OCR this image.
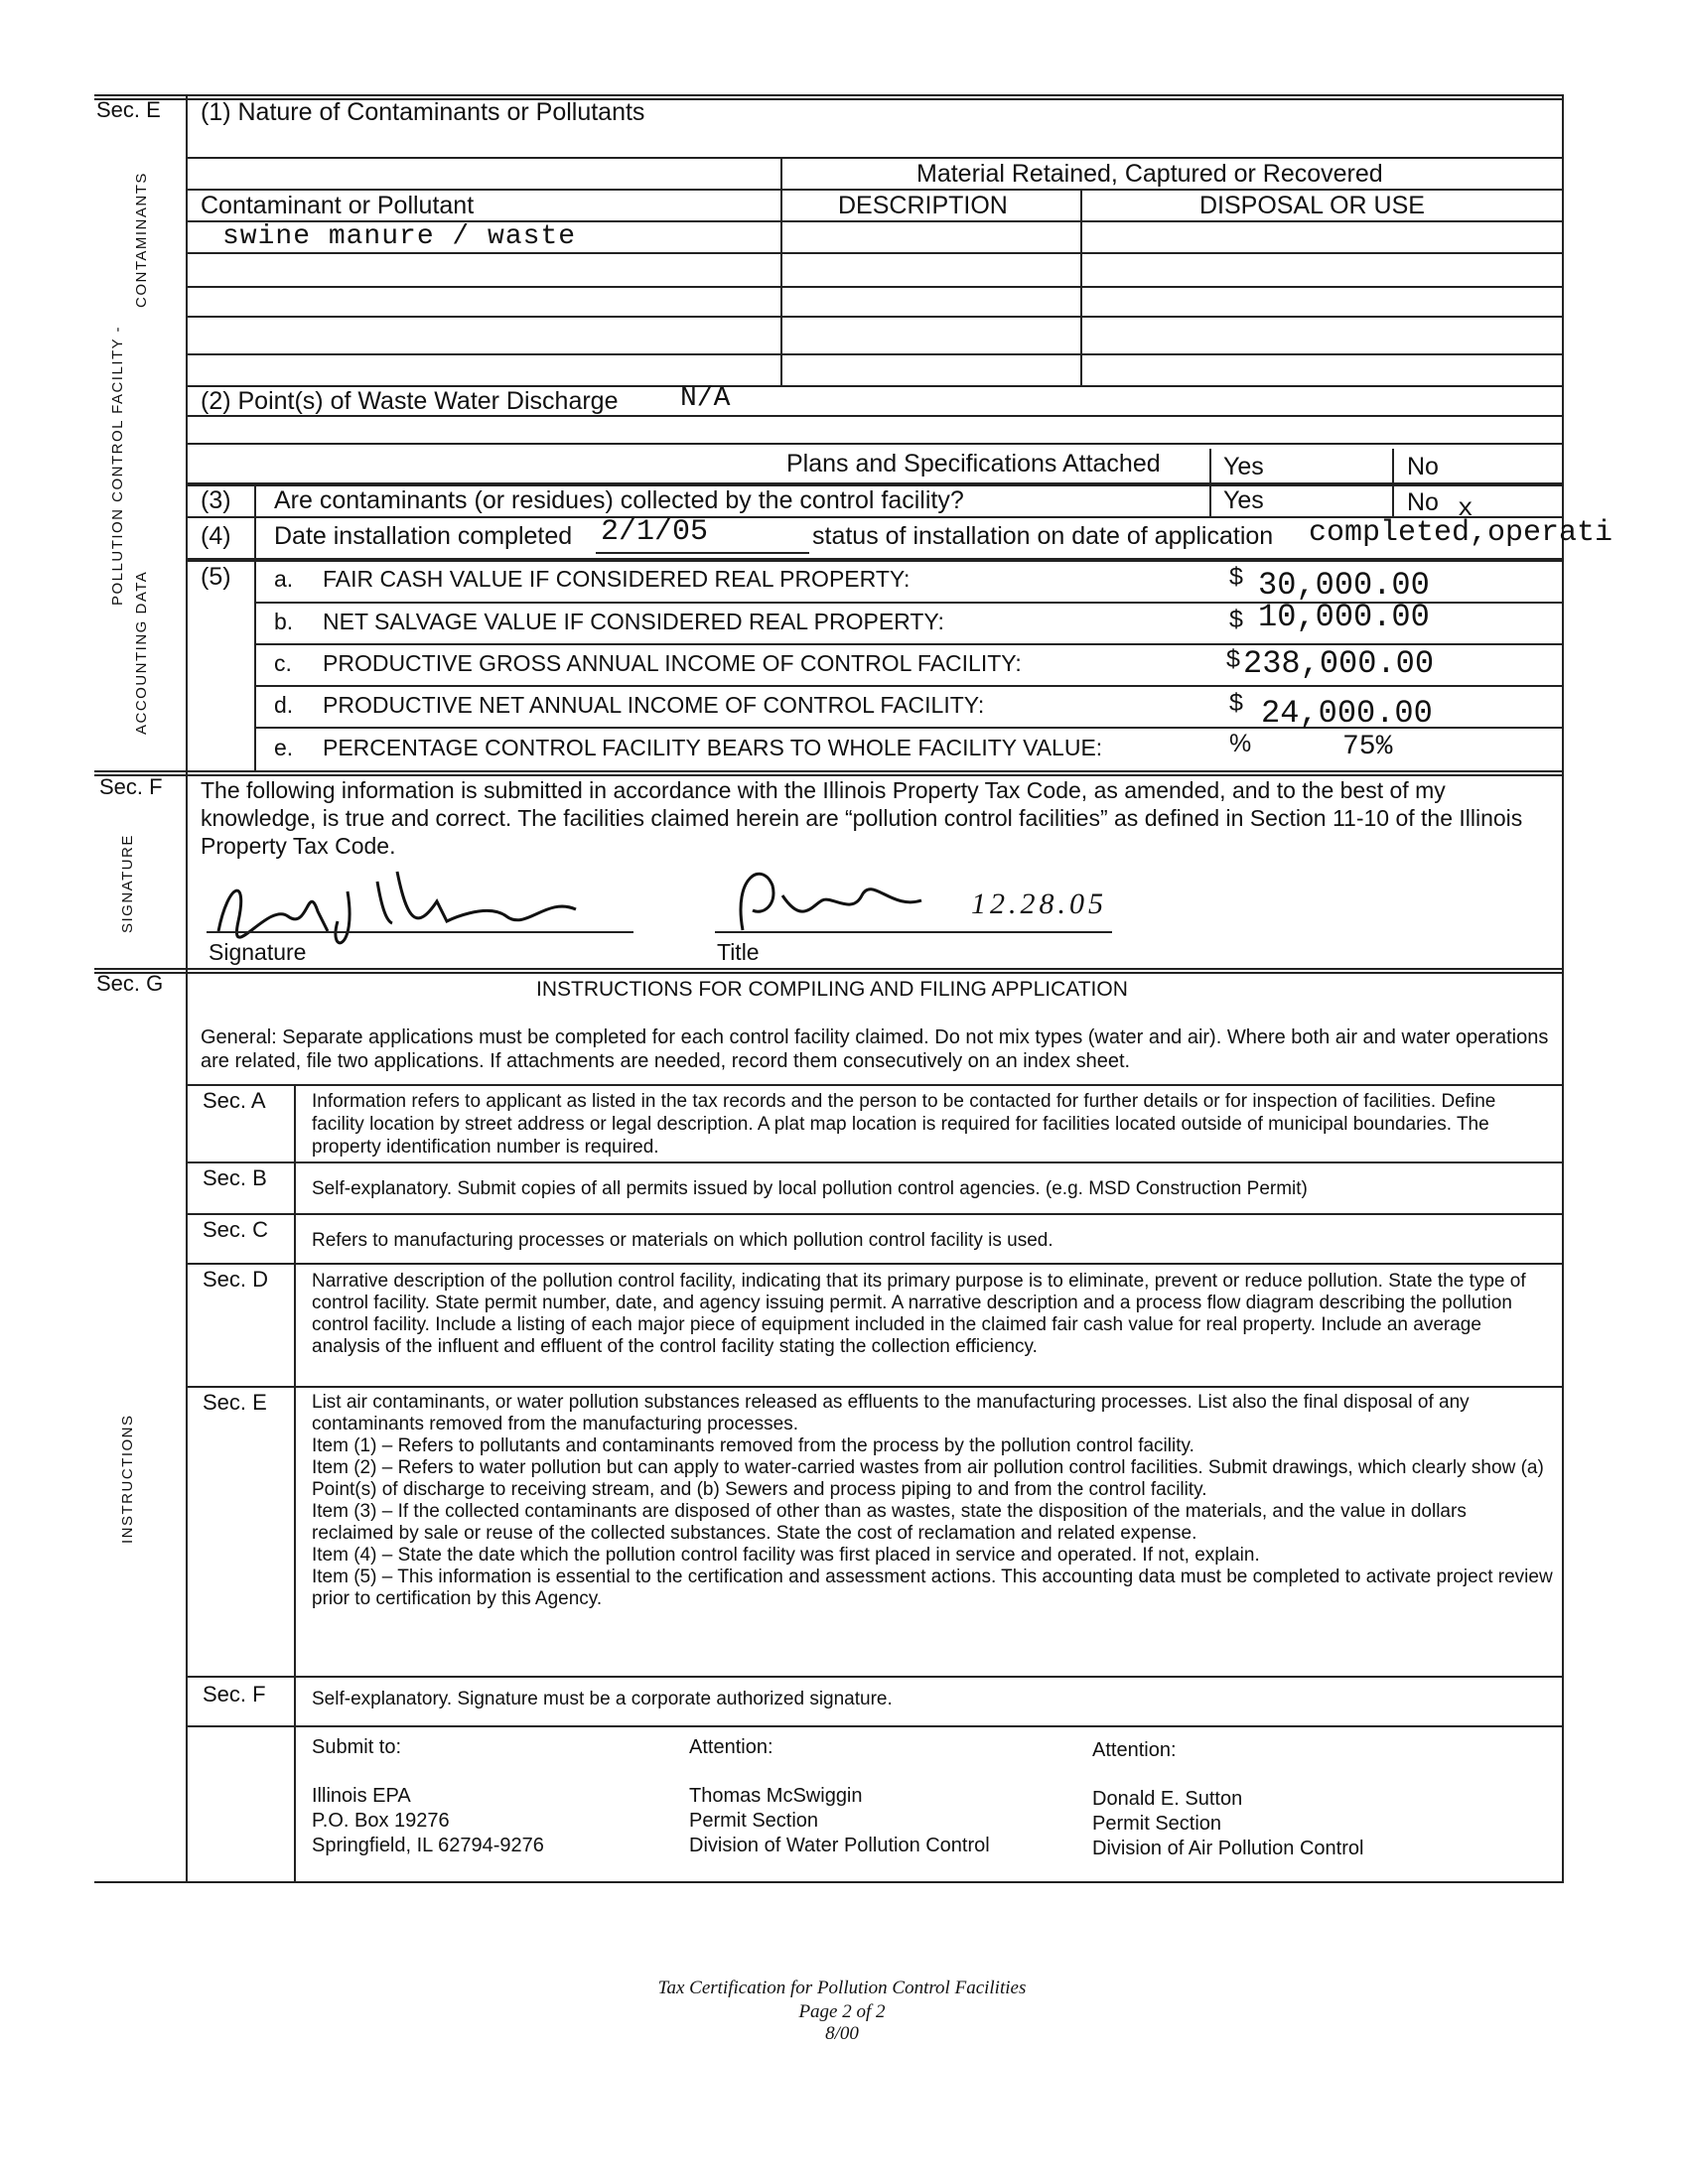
Sec. E
POLLUTION CONTROL FACILITY -
CONTAMINANTS
ACCOUNTING DATA
Sec. F
SIGNATURE
Sec. G
INSTRUCTIONS
(1) Nature of Contaminants or Pollutants
Material Retained, Captured or Recovered
Contaminant or Pollutant	DESCRIPTION	DISPOSAL OR USE
swine manure / waste
(2) Point(s) of Waste Water Discharge N/A
Plans and Specifications Attached	Yes	No
(3) Are contaminants (or residues) collected by the control facility?	Yes	No x
(4) Date installation completed 2/1/05	status of installation on date of application completed,operati
(5) a. FAIR CASH VALUE IF CONSIDERED REAL PROPERTY:	$ 30,000.00
b. NET SALVAGE VALUE IF CONSIDERED REAL PROPERTY:	$ 10,000.00
c. PRODUCTIVE GROSS ANNUAL INCOME OF CONTROL FACILITY:	$ 238,000.00
d. PRODUCTIVE NET ANNUAL INCOME OF CONTROL FACILITY:	$ 24,000.00
e. PERCENTAGE CONTROL FACILITY BEARS TO WHOLE FACILITY VALUE:	%	75%
The following information is submitted in accordance with the Illinois Property Tax Code, as amended, and to the best of my knowledge, is true and correct. The facilities claimed herein are “pollution control facilities” as defined in Section 11-10 of the Illinois Property Tax Code.
12.28.05
Signature	Title
INSTRUCTIONS FOR COMPILING AND FILING APPLICATION
General: Separate applications must be completed for each control facility claimed. Do not mix types (water and air). Where both air and water operations are related, file two applications. If attachments are needed, record them consecutively on an index sheet.
Sec. A Information refers to applicant as listed in the tax records and the person to be contacted for further details or for inspection of facilities. Define facility location by street address or legal description. A plat map location is required for facilities located outside of municipal boundaries. The property identification number is required.
Sec. B Self-explanatory. Submit copies of all permits issued by local pollution control agencies. (e.g. MSD Construction Permit)
Sec. C Refers to manufacturing processes or materials on which pollution control facility is used.
Sec. D Narrative description of the pollution control facility, indicating that its primary purpose is to eliminate, prevent or reduce pollution. State the type of control facility. State permit number, date, and agency issuing permit. A narrative description and a process flow diagram describing the pollution control facility. Include a listing of each major piece of equipment included in the claimed fair cash value for real property. Include an average analysis of the influent and effluent of the control facility stating the collection efficiency.
Sec. E List air contaminants, or water pollution substances released as effluents to the manufacturing processes. List also the final disposal of any contaminants removed from the manufacturing processes.
Item (1) – Refers to pollutants and contaminants removed from the process by the pollution control facility.
Item (2) – Refers to water pollution but can apply to water-carried wastes from air pollution control facilities. Submit drawings, which clearly show (a) Point(s) of discharge to receiving stream, and (b) Sewers and process piping to and from the control facility.
Item (3) – If the collected contaminants are disposed of other than as wastes, state the disposition of the materials, and the value in dollars reclaimed by sale or reuse of the collected substances. State the cost of reclamation and related expense.
Item (4) – State the date which the pollution control facility was first placed in service and operated. If not, explain.
Item (5) – This information is essential to the certification and assessment actions. This accounting data must be completed to activate project review prior to certification by this Agency.
Sec. F Self-explanatory. Signature must be a corporate authorized signature.
Submit to:
Illinois EPA
P.O. Box 19276
Springfield, IL 62794-9276
Attention:
Thomas McSwiggin
Permit Section
Division of Water Pollution Control
Attention:
Donald E. Sutton
Permit Section
Division of Air Pollution Control
Tax Certification for Pollution Control Facilities
Page 2 of 2
8/00
